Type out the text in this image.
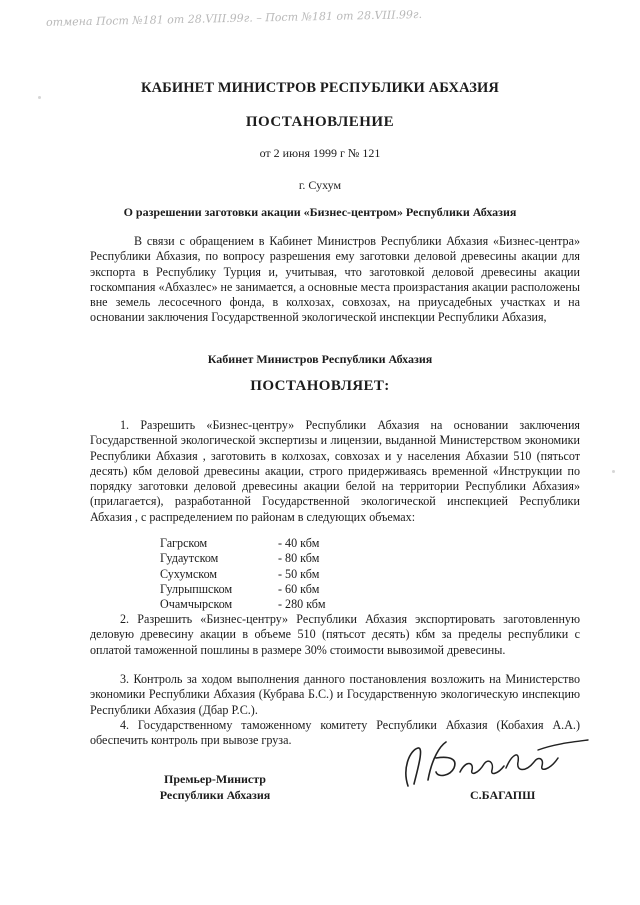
отмена Пост №181 от 28.VIII.99г. – Пост №181 от 28.VIII.99г.
КАБИНЕТ МИНИСТРОВ РЕСПУБЛИКИ АБХАЗИЯ
ПОСТАНОВЛЕНИЕ
от 2 июня 1999 г № 121
г. Сухум
О разрешении заготовки акации «Бизнес-центром» Республики Абхазия
В связи с обращением в Кабинет Министров Республики Абхазия «Бизнес-центра» Республики Абхазия, по вопросу разрешения ему заготовки деловой древесины акации для экспорта в Республику Турция и, учитывая, что заготовкой деловой древесины акации госкомпания «Абхазлес» не занимается, а основные места произрастания акации расположены вне земель лесосечного фонда, в колхозах, совхозах, на приусадебных участках и на основании заключения Государственной экологической инспекции Республики Абхазия,
Кабинет Министров Республики Абхазия
ПОСТАНОВЛЯЕТ:
1. Разрешить «Бизнес-центру» Республики Абхазия на основании заключения Государственной экологической экспертизы и лицензии, выданной Министерством экономики Республики Абхазия , заготовить в колхозах, совхозах и у населения Абхазии 510 (пятьсот десять) кбм деловой древесины акации, строго придерживаясь временной «Инструкции по порядку заготовки деловой древесины акации белой на территории Республики Абхазия» (прилагается), разработанной Государственной экологической инспекцией Республики Абхазия , с распределением по районам в следующих объемах:
Гагрском	- 40 кбм
Гудаутском	- 80 кбм
Сухумском	- 50 кбм
Гулрыпшском	- 60 кбм
Очамчырском	- 280 кбм
2. Разрешить «Бизнес-центру» Республики Абхазия экспортировать заготовленную деловую древесину акации в объеме 510 (пятьсот десять) кбм за пределы республики с оплатой таможенной пошлины в размере 30% стоимости вывозимой древесины.
3. Контроль за ходом выполнения данного постановления возложить на Министерство экономики Республики Абхазия (Кубрава Б.С.) и Государственную экологическую инспекцию Республики Абхазия (Дбар Р.С.).
4. Государственному таможенному комитету Республики Абхазия (Кобахия А.А.) обеспечить контроль при вывозе груза.
Премьер-Министр
Республики Абхазия	С.БАГАПШ
